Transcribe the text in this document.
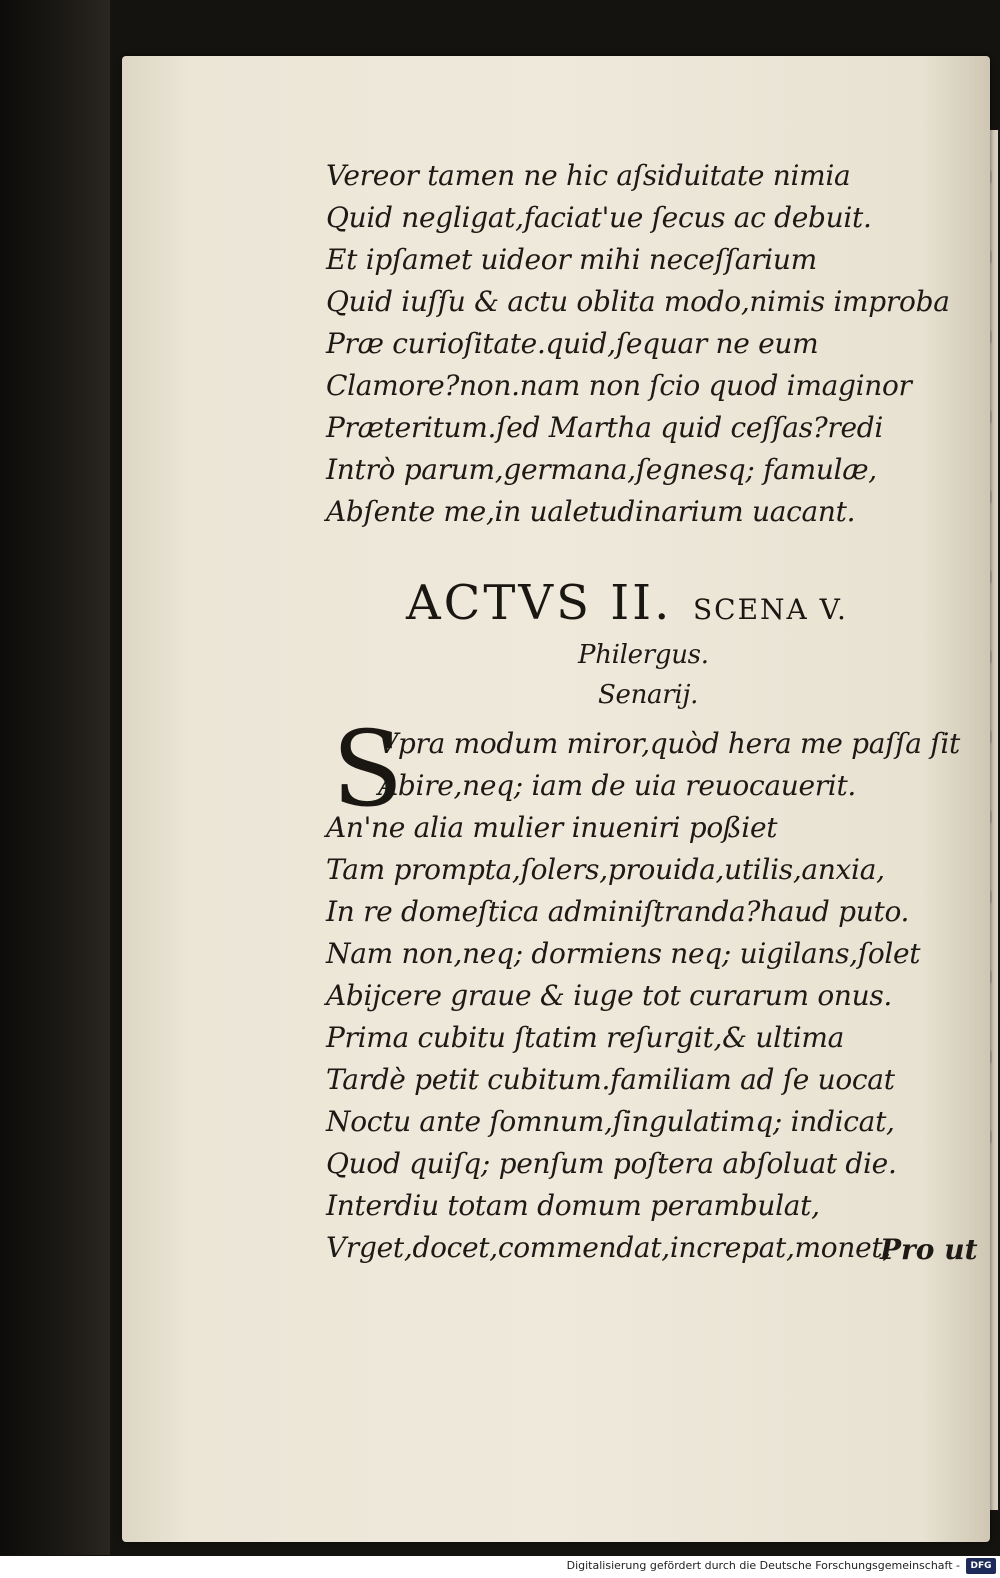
Vereor tamen ne hic aſsiduitate nimia
Quid negligat,faciat'ue ſecus ac debuit.
Et ipſamet uideor mihi neceſſarium
Quid iuſſu & actu oblita modo,nimis improba
Præ curioſitate.quid,ſequar ne eum
Clamore?non.nam non ſcio quod imaginor
Præteritum.ſed Martha quid ceſſas?redi
Intrò parum,germana,ſegnesq; famulæ,
Abſente me,in ualetudinarium uacant.
ACTVS II. SCENA V.
Philergus.
Senarij.
S
Vpra modum miror,quòd hera me paſſa ſit
Abire,neq; iam de uia reuocauerit.
An'ne alia mulier inueniri poßiet
Tam prompta,ſolers,prouida,utilis,anxia,
In re domeſtica adminiſtranda?haud puto.
Nam non,neq; dormiens neq; uigilans,ſolet
Abijcere graue & iuge tot curarum onus.
Prima cubitu ſtatim reſurgit,& ultima
Tardè petit cubitum.familiam ad ſe uocat
Noctu ante ſomnum,ſingulatimq; indicat,
Quod quiſq; penſum poſtera abſoluat die.
Interdiu totam domum perambulat,
Vrget,docet,commendat,increpat,monet,
Pro ut
Digitalisierung gefördert durch die Deutsche Forschungsgemeinschaft -	DFG
